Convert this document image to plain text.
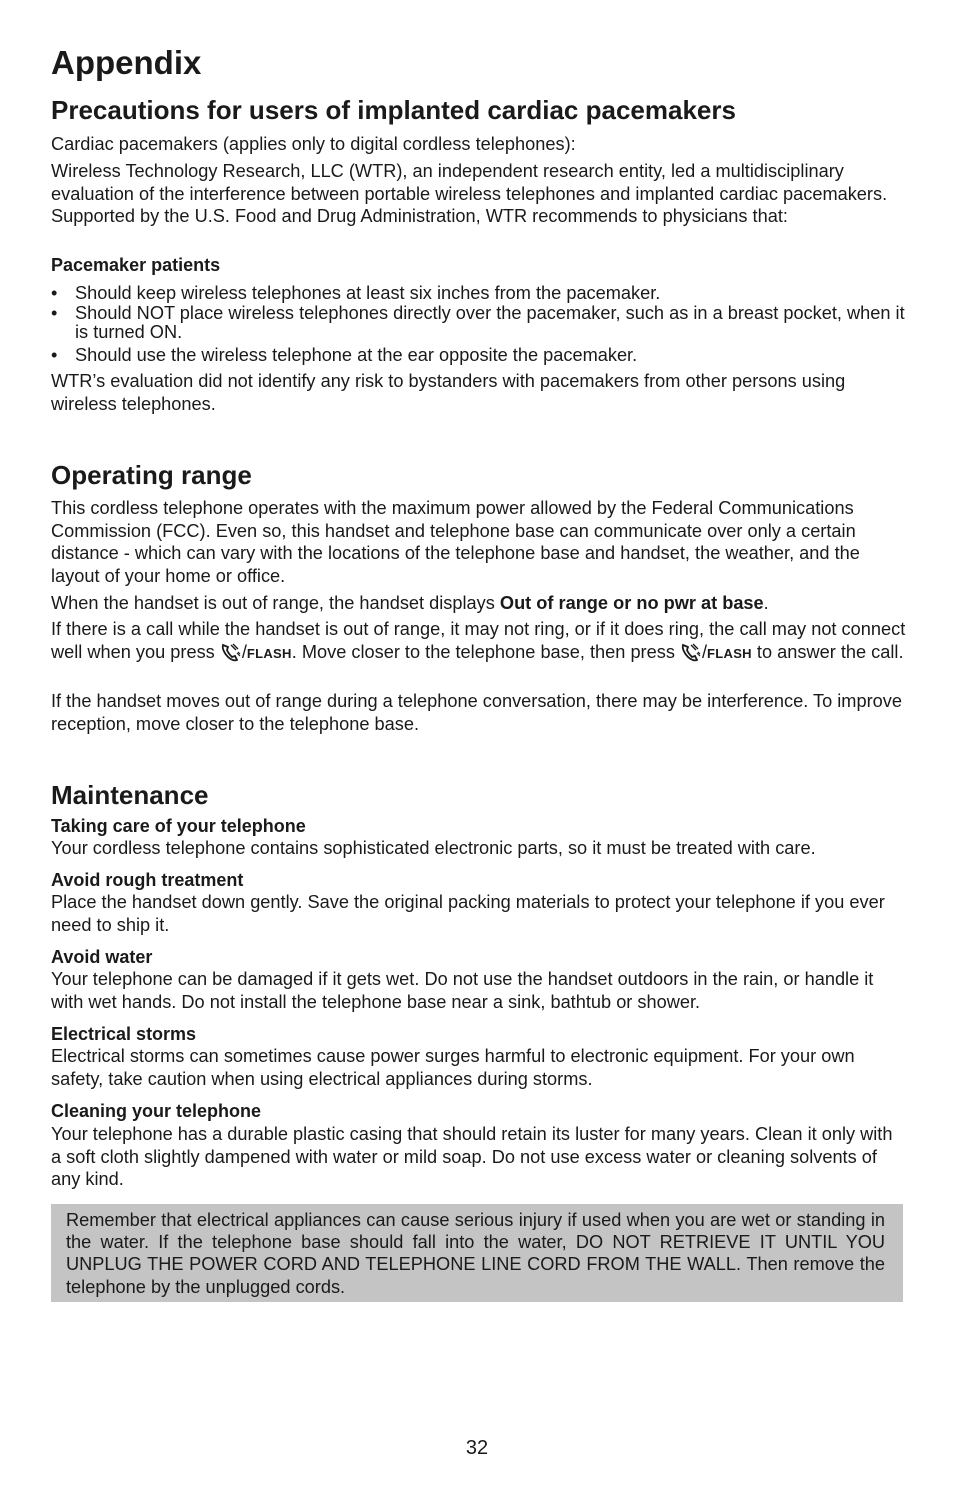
Appendix
Precautions for users of implanted cardiac pacemakers

Cardiac pacemakers (applies only to digital cordless telephones):

Wireless Technology Research, LLC (WTR), an independent research entity, led a multidisciplinary evaluation of the interference between portable wireless telephones and implanted cardiac pacemakers. Supported by the U.S. Food and Drug Administration, WTR recommends to physicians that:

Pacemaker patients
• Should keep wireless telephones at least six inches from the pacemaker.
• Should NOT place wireless telephones directly over the pacemaker, such as in a breast pocket, when it is turned ON.
• Should use the wireless telephone at the ear opposite the pacemaker.

WTR’s evaluation did not identify any risk to bystanders with pacemakers from other persons using wireless telephones.

Operating range

This cordless telephone operates with the maximum power allowed by the Federal Communications Commission (FCC). Even so, this handset and telephone base can communicate over only a certain distance - which can vary with the locations of the telephone base and handset, the weather, and the layout of your home or office.

When the handset is out of range, the handset displays Out of range or no pwr at base.

If there is a call while the handset is out of range, it may not ring, or if it does ring, the call may not connect well when you press /FLASH. Move closer to the telephone base, then press /FLASH to answer the call.

If the handset moves out of range during a telephone conversation, there may be interference. To improve reception, move closer to the telephone base.

Maintenance
Taking care of your telephone

Your cordless telephone contains sophisticated electronic parts, so it must be treated with care.

Avoid rough treatment

Place the handset down gently. Save the original packing materials to protect your telephone if you ever need to ship it.

Avoid water

Your telephone can be damaged if it gets wet. Do not use the handset outdoors in the rain, or handle it with wet hands. Do not install the telephone base near a sink, bathtub or shower.

Electrical storms

Electrical storms can sometimes cause power surges harmful to electronic equipment. For your own safety, take caution when using electrical appliances during storms.

Cleaning your telephone

Your telephone has a durable plastic casing that should retain its luster for many years. Clean it only with a soft cloth slightly dampened with water or mild soap. Do not use excess water or cleaning solvents of any kind.

Remember that electrical appliances can cause serious injury if used when you are wet or standing in the water. If the telephone base should fall into the water, DO NOT RETRIEVE IT UNTIL YOU UNPLUG THE POWER CORD AND TELEPHONE LINE CORD FROM THE WALL. Then remove the telephone by the unplugged cords.

32
